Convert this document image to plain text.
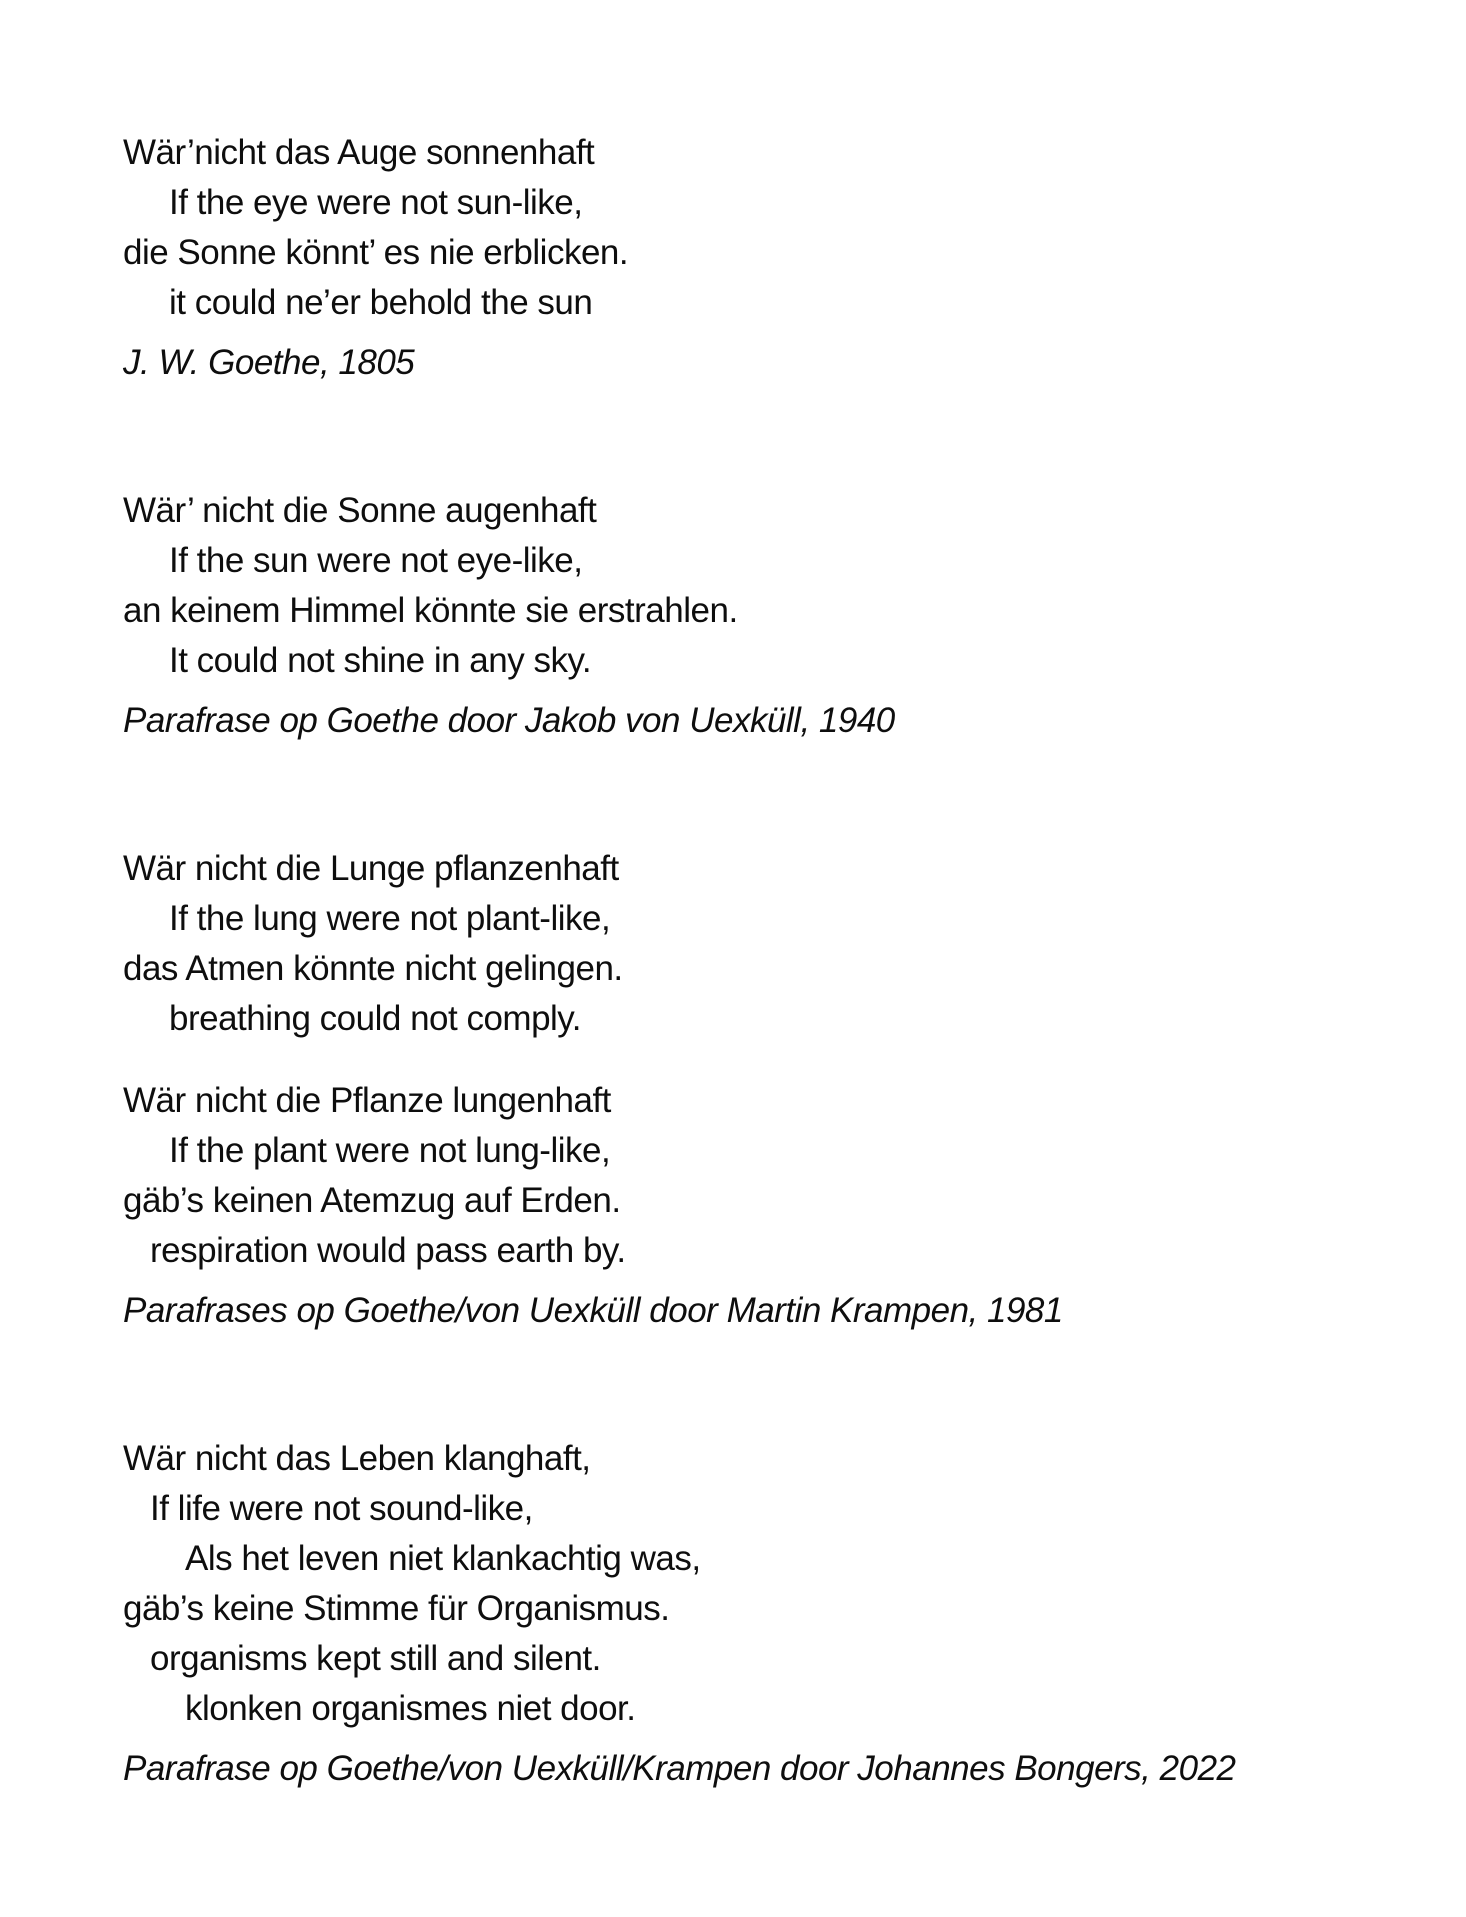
Wär’nicht das Auge sonnenhaft

If the eye were not sun-like,

die Sonne könnt’ es nie erblicken.

it could ne’er behold the sun

J. W. Goethe, 1805

Wär’ nicht die Sonne augenhaft

If the sun were not eye-like,

an keinem Himmel könnte sie erstrahlen.

It could not shine in any sky.

Parafrase op Goethe door Jakob von Uexküll, 1940

Wär nicht die Lunge pflanzenhaft

If the lung were not plant-like,

das Atmen könnte nicht gelingen.

breathing could not comply.

Wär nicht die Pflanze lungenhaft

If the plant were not lung-like,

gäb’s keinen Atemzug auf Erden.

respiration would pass earth by.

Parafrases op Goethe/von Uexküll door Martin Krampen, 1981

Wär nicht das Leben klanghaft,

If life were not sound-like,

Als het leven niet klankachtig was,

gäb’s keine Stimme für Organismus.

organisms kept still and silent.

klonken organismes niet door.

Parafrase op Goethe/von Uexküll/Krampen door Johannes Bongers, 2022
